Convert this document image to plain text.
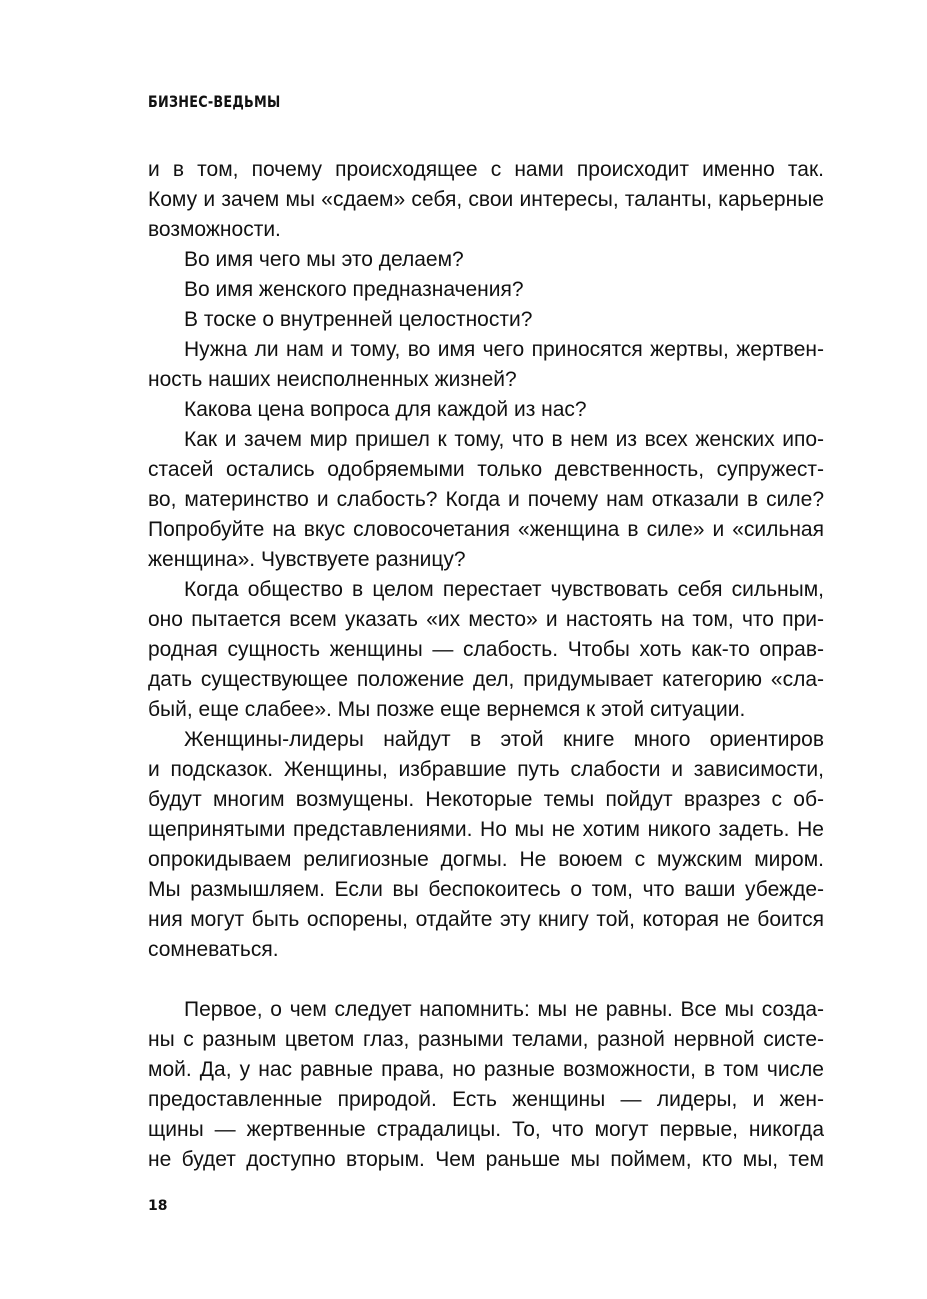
БИЗНЕС-ВЕДЬМЫ
и в том, почему происходящее с нами происходит именно так.
Кому и зачем мы «сдаем» себя, свои интересы, таланты, карьерные
возможности.
Во имя чего мы это делаем?
Во имя женского предназначения?
В тоске о внутренней целостности?
Нужна ли нам и тому, во имя чего приносятся жертвы, жертвен-
ность наших неисполненных жизней?
Какова цена вопроса для каждой из нас?
Как и зачем мир пришел к тому, что в нем из всех женских ипо-
стасей остались одобряемыми только девственность, супружест-
во, материнство и слабость? Когда и почему нам отказали в силе?
Попробуйте на вкус словосочетания «женщина в силе» и «сильная
женщина». Чувствуете разницу?
Когда общество в целом перестает чувствовать себя сильным,
оно пытается всем указать «их место» и настоять на том, что при-
родная сущность женщины — слабость. Чтобы хоть как-то оправ-
дать существующее положение дел, придумывает категорию «сла-
бый, еще слабее». Мы позже еще вернемся к этой ситуации.
Женщины-лидеры найдут в этой книге много ориентиров
и подсказок. Женщины, избравшие путь слабости и зависимости,
будут многим возмущены. Некоторые темы пойдут вразрез с об-
щепринятыми представлениями. Но мы не хотим никого задеть. Не
опрокидываем религиозные догмы. Не воюем с мужским миром.
Мы размышляем. Если вы беспокоитесь о том, что ваши убежде-
ния могут быть оспорены, отдайте эту книгу той, которая не боится
сомневаться.
Первое, о чем следует напомнить: мы не равны. Все мы созда-
ны с разным цветом глаз, разными телами, разной нервной систе-
мой. Да, у нас равные права, но разные возможности, в том числе
предоставленные природой. Есть женщины — лидеры, и жен-
щины — жертвенные страдалицы. То, что могут первые, никогда
не будет доступно вторым. Чем раньше мы поймем, кто мы, тем
18
